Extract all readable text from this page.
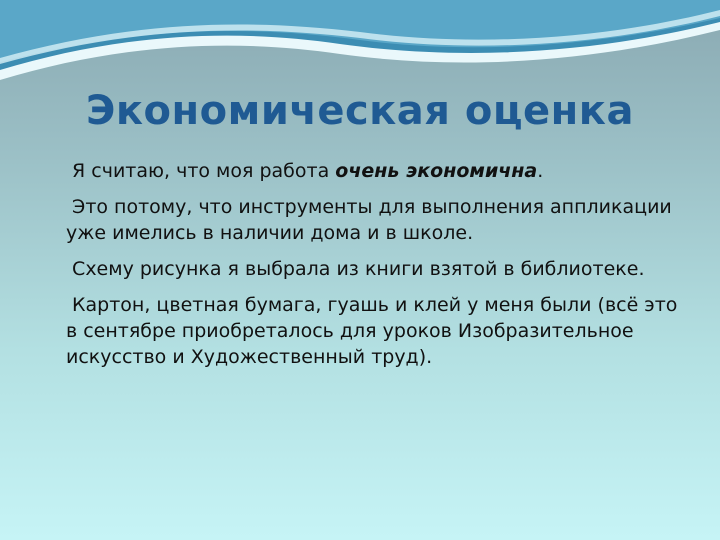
Экономическая оценка

Я считаю, что моя работа очень экономична.

Это потому, что инструменты для выполнения аппликации уже имелись в наличии дома и в школе.

Схему рисунка я выбрала из книги взятой в библиотеке.

Картон, цветная бумага, гуашь и клей у меня были (всё это в сентябре приобреталось для уроков Изобразительное искусство и Художественный труд).
